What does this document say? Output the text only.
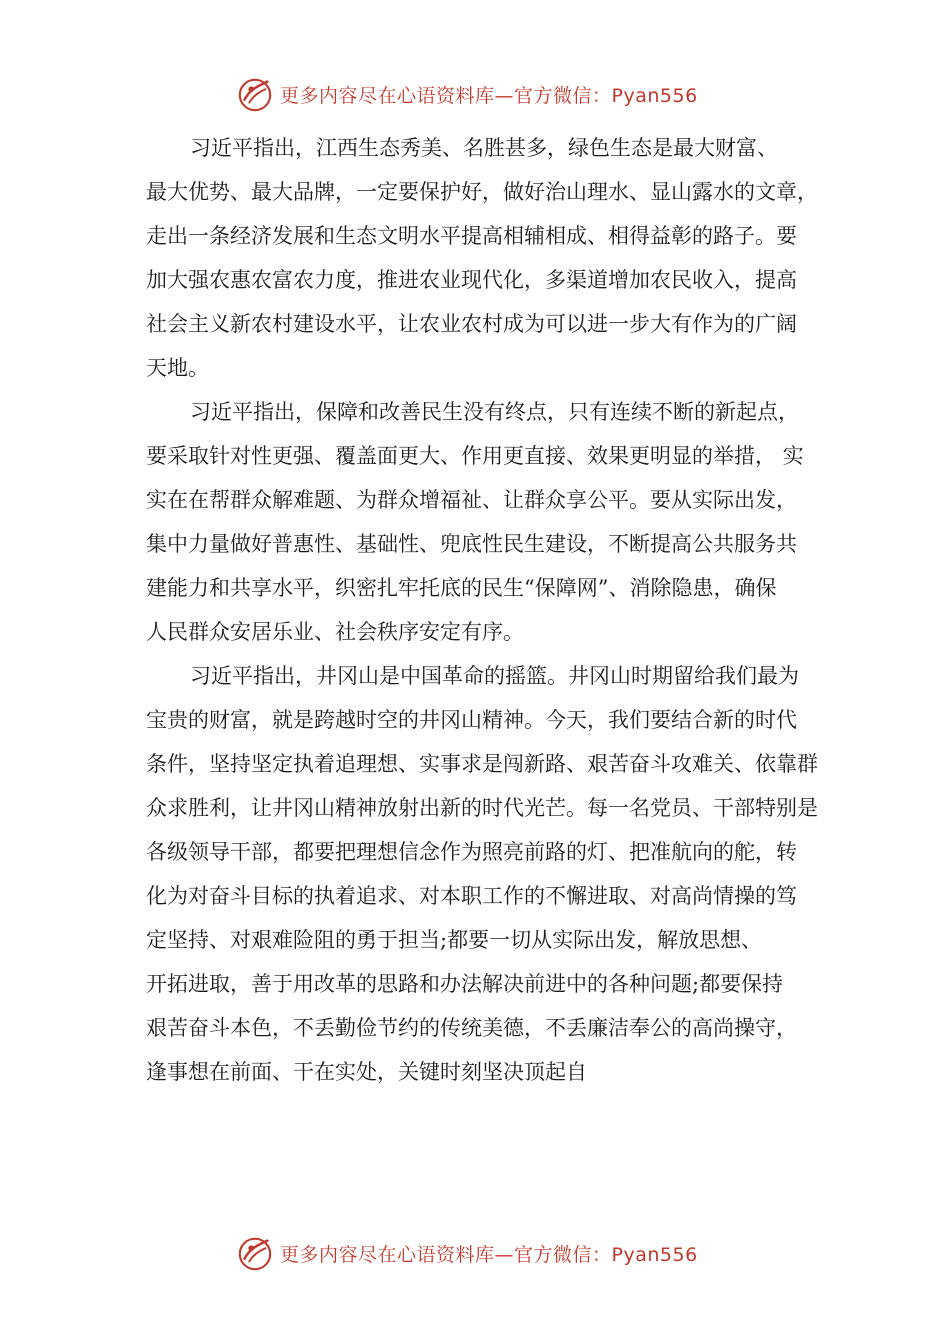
更多内容尽在心语资料库—官方微信：Pyan556
习近平指出，江西生态秀美、名胜甚多，绿色生态是最大财富、
最大优势、最大品牌，一定要保护好，做好治山理水、显山露水的文章，
走出一条经济发展和生态文明水平提高相辅相成、相得益彰的路子。要
加大强农惠农富农力度，推进农业现代化，多渠道增加农民收入，提高
社会主义新农村建设水平，让农业农村成为可以进一步大有作为的广阔
天地。
习近平指出，保障和改善民生没有终点，只有连续不断的新起点，
要采取针对性更强、覆盖面更大、作用更直接、效果更明显的举措， 实
实在在帮群众解难题、为群众增福祉、让群众享公平。要从实际出发，
集中力量做好普惠性、基础性、兜底性民生建设，不断提高公共服务共
建能力和共享水平，织密扎牢托底的民生“保障网”、消除隐患，确保
人民群众安居乐业、社会秩序安定有序。
习近平指出，井冈山是中国革命的摇篮。井冈山时期留给我们最为
宝贵的财富，就是跨越时空的井冈山精神。今天，我们要结合新的时代
条件，坚持坚定执着追理想、实事求是闯新路、艰苦奋斗攻难关、依靠群
众求胜利，让井冈山精神放射出新的时代光芒。每一名党员、干部特别是
各级领导干部，都要把理想信念作为照亮前路的灯、把准航向的舵，转
化为对奋斗目标的执着追求、对本职工作的不懈进取、对高尚情操的笃
定坚持、对艰难险阻的勇于担当;都要一切从实际出发，解放思想、
开拓进取，善于用改革的思路和办法解决前进中的各种问题;都要保持
艰苦奋斗本色，不丢勤俭节约的传统美德，不丢廉洁奉公的高尚操守，
逢事想在前面、干在实处，关键时刻坚决顶起自
更多内容尽在心语资料库—官方微信：Pyan556
